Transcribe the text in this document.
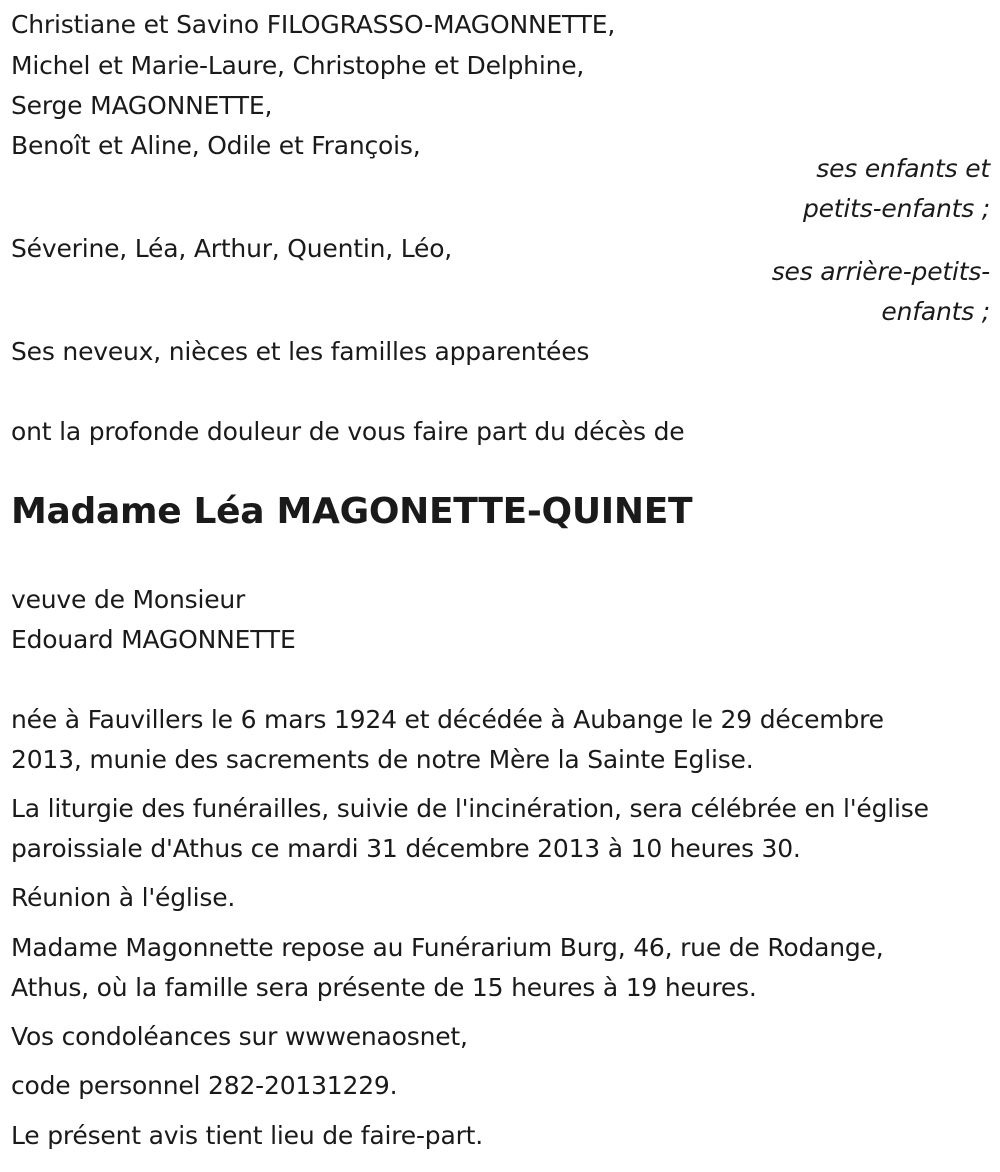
Christiane et Savino FILOGRASSO-MAGONNETTE,
Michel et Marie-Laure, Christophe et Delphine,
Serge MAGONNETTE,
Benoît et Aline, Odile et François,
ses enfants et
petits-enfants ;
Séverine, Léa, Arthur, Quentin, Léo,
ses arrière-petits-
enfants ;
Ses neveux, nièces et les familles apparentées
ont la profonde douleur de vous faire part du décès de
Madame Léa MAGONETTE-QUINET
veuve de Monsieur
Edouard MAGONNETTE
née à Fauvillers le 6 mars 1924 et décédée à Aubange le 29 décembre
2013, munie des sacrements de notre Mère la Sainte Eglise.
La liturgie des funérailles, suivie de l'incinération, sera célébrée en l'église
paroissiale d'Athus ce mardi 31 décembre 2013 à 10 heures 30.
Réunion à l'église.
Madame Magonnette repose au Funérarium Burg, 46, rue de Rodange,
Athus, où la famille sera présente de 15 heures à 19 heures.
Vos condoléances sur wwwenaosnet,
code personnel 282-20131229.
Le présent avis tient lieu de faire-part.
